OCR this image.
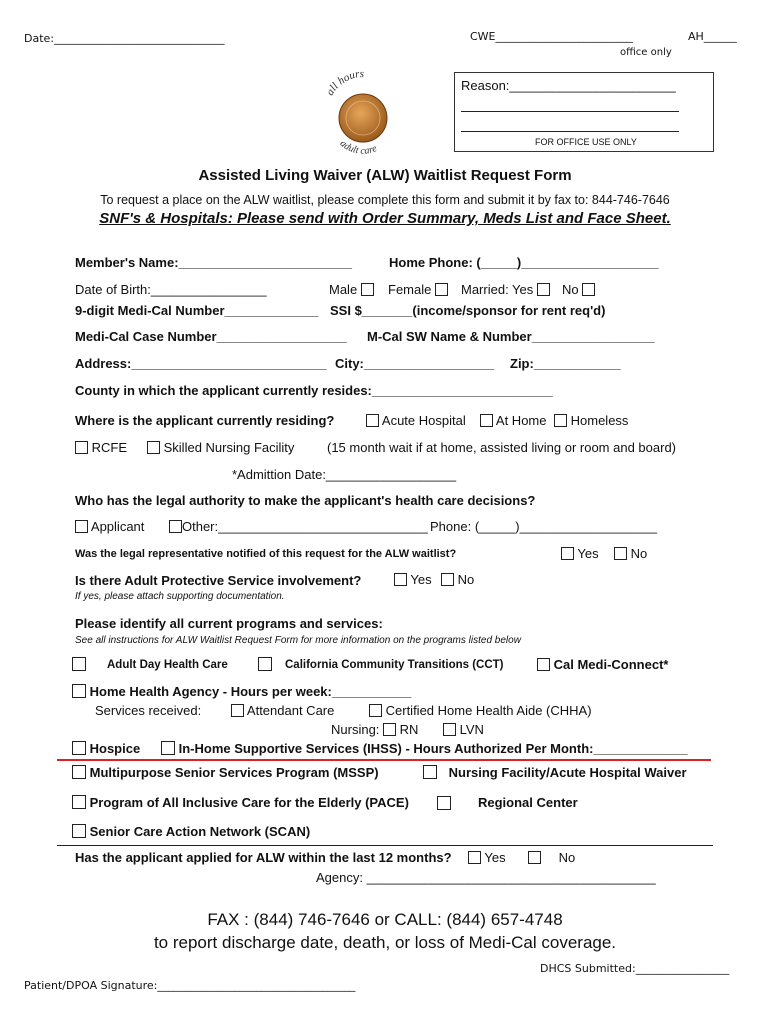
Date:_______________________________	CWE_________________________	AH______
office only
all hours
adult care
Reason:_______________________
FOR OFFICE USE ONLY
Assisted Living Waiver (ALW) Waitlist Request Form
To request a place on the ALW waitlist, please complete this form and submit it by fax to: 844-746-7646
SNF's & Hospitals: Please send with Order Summary, Meds List and Face Sheet.
Member's Name:________________________	Home Phone: (_____)___________________
Date of Birth:________________	Male	Female	Married: Yes	No
9-digit Medi-Cal Number_____________ SSI $_______(income/sponsor for rent req'd)
Medi-Cal Case Number__________________ M-Cal SW Name & Number_________________
Address:___________________________ City:__________________ Zip:____________
County in which the applicant currently resides:_________________________
Where is the applicant currently residing?	Acute Hospital	At Home	Homeless
RCFE	Skilled Nursing Facility	(15 month wait if at home, assisted living or room and board)
*Admittion Date:__________________
Who has the legal authority to make the applicant's health care decisions?
Applicant	Other:_____________________________ Phone: (_____)___________________
Was the legal representative notified of this request for the ALW waitlist?	Yes	No
Is there Adult Protective Service involvement?	Yes	No
If yes, please attach supporting documentation.
Please identify all current programs and services:
See all instructions for ALW Waitlist Request Form for more information on the programs listed below
Adult Day Health Care	California Community Transitions (CCT)	Cal Medi-Connect*
Home Health Agency - Hours per week:___________
Services received:	Attendant Care	Certified Home Health Aide (CHHA)
Nursing: RN	LVN
Hospice	In-Home Supportive Services (IHSS) - Hours Authorized Per Month:_____________
Multipurpose Senior Services Program (MSSP)	Nursing Facility/Acute Hospital Waiver
Program of All Inclusive Care for the Elderly (PACE)	Regional Center
Senior Care Action Network (SCAN)
Has the applicant applied for ALW within the last 12 months?	Yes	No
Agency: ________________________________________
FAX : (844) 746-7646 or CALL: (844) 657-4748
to report discharge date, death, or loss of Medi-Cal coverage.
DHCS Submitted:_________________
Patient/DPOA Signature:____________________________________
